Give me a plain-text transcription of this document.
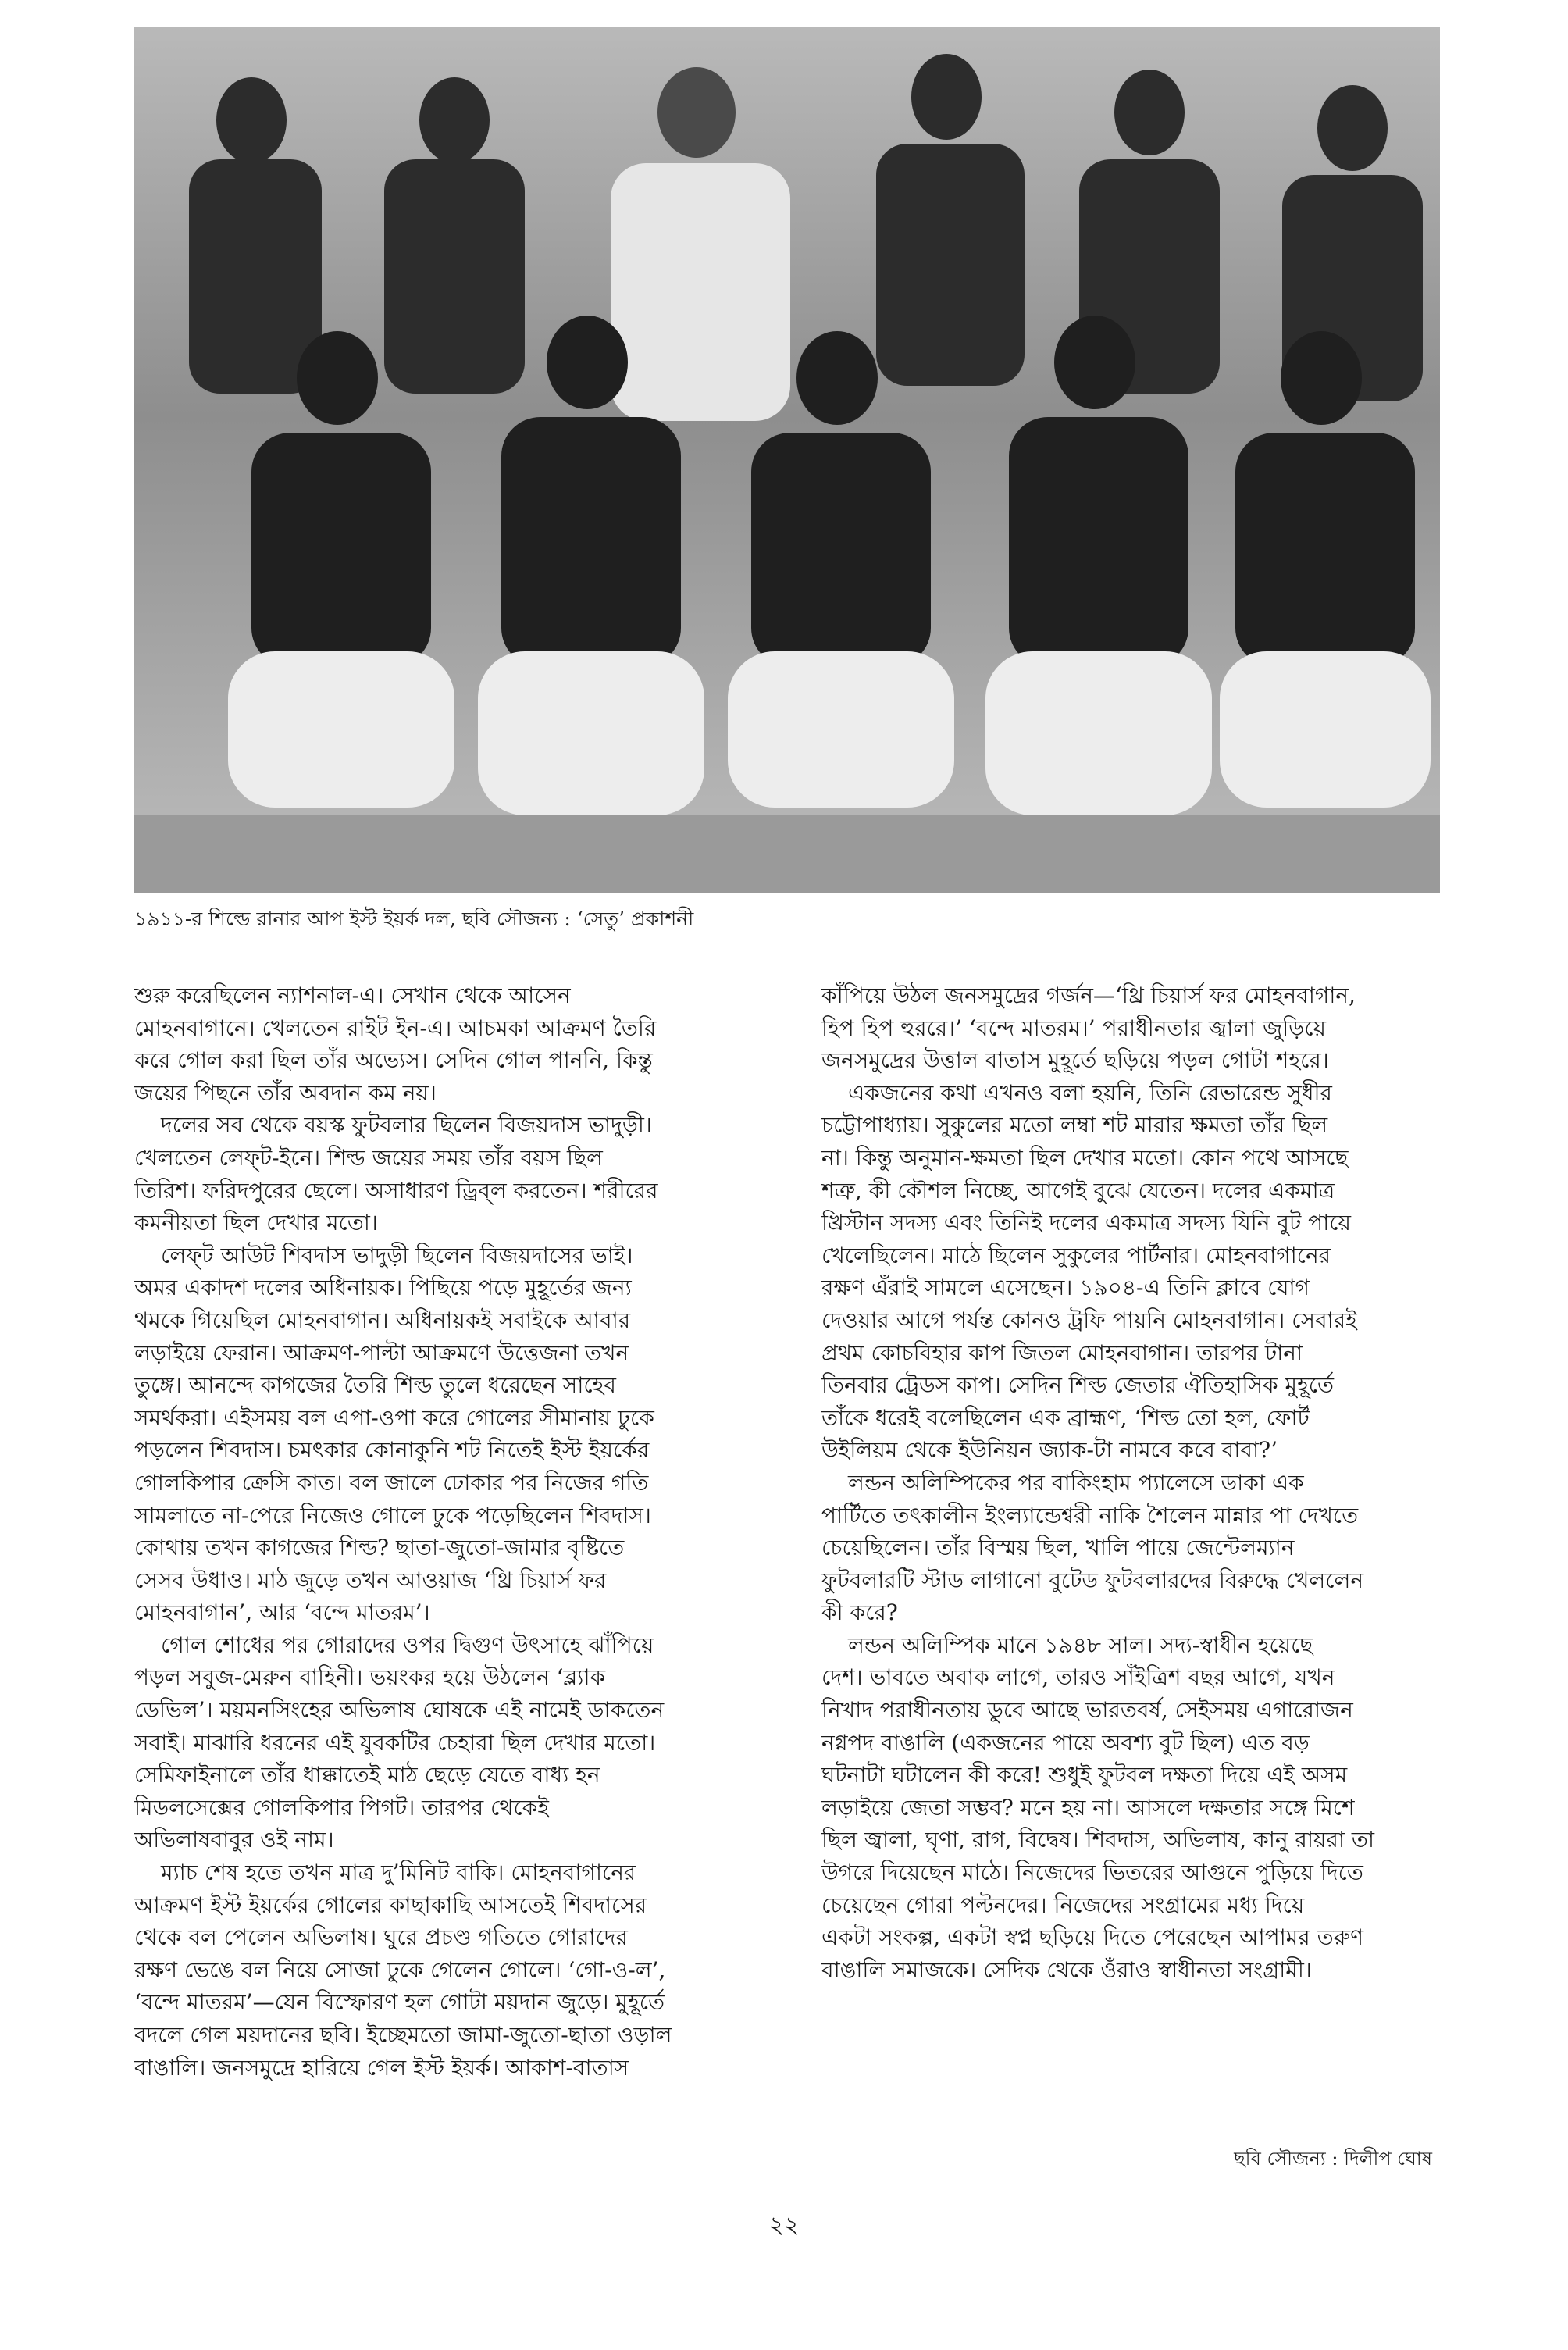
১৯১১-র শিল্ডে রানার আপ ইস্ট ইয়র্ক দল, ছবি সৌজন্য : ‘সেতু’ প্রকাশনী
শুরু করেছিলেন ন্যাশনাল-এ। সেখান থেকে আসেন
মোহনবাগানে। খেলতেন রাইট ইন-এ। আচমকা আক্রমণ তৈরি
করে গোল করা ছিল তাঁর অভ্যেস। সেদিন গোল পাননি, কিন্তু
জয়ের পিছনে তাঁর অবদান কম নয়।
দলের সব থেকে বয়স্ক ফুটবলার ছিলেন বিজয়দাস ভাদুড়ী।
খেলতেন লেফ্‌ট-ইনে। শিল্ড জয়ের সময় তাঁর বয়স ছিল
তিরিশ। ফরিদপুরের ছেলে। অসাধারণ ড্রিব্‌ল করতেন। শরীরের
কমনীয়তা ছিল দেখার মতো।
লেফ্‌ট আউট শিবদাস ভাদুড়ী ছিলেন বিজয়দাসের ভাই।
অমর একাদশ দলের অধিনায়ক। পিছিয়ে পড়ে মুহূর্তের জন্য
থমকে গিয়েছিল মোহনবাগান। অধিনায়কই সবাইকে আবার
লড়াইয়ে ফেরান। আক্রমণ-পাল্টা আক্রমণে উত্তেজনা তখন
তুঙ্গে। আনন্দে কাগজের তৈরি শিল্ড তুলে ধরেছেন সাহেব
সমর্থকরা। এইসময় বল এপা-ওপা করে গোলের সীমানায় ঢুকে
পড়লেন শিবদাস। চমৎকার কোনাকুনি শট নিতেই ইস্ট ইয়র্কের
গোলকিপার ক্রেসি কাত। বল জালে ঢোকার পর নিজের গতি
সামলাতে না-পেরে নিজেও গোলে ঢুকে পড়েছিলেন শিবদাস।
কোথায় তখন কাগজের শিল্ড? ছাতা-জুতো-জামার বৃষ্টিতে
সেসব উধাও। মাঠ জুড়ে তখন আওয়াজ ‘থ্রি চিয়ার্স ফর
মোহনবাগান’, আর ‘বন্দে মাতরম’।
গোল শোধের পর গোরাদের ওপর দ্বিগুণ উৎসাহে ঝাঁপিয়ে
পড়ল সবুজ-মেরুন বাহিনী। ভয়ংকর হয়ে উঠলেন ‘ব্ল্যাক
ডেভিল’। ময়মনসিংহের অভিলাষ ঘোষকে এই নামেই ডাকতেন
সবাই। মাঝারি ধরনের এই যুবকটির চেহারা ছিল দেখার মতো।
সেমিফাইনালে তাঁর ধাক্কাতেই মাঠ ছেড়ে যেতে বাধ্য হন
মিডলসেক্সের গোলকিপার পিগট। তারপর থেকেই
অভিলাষবাবুর ওই নাম।
ম্যাচ শেষ হতে তখন মাত্র দু’মিনিট বাকি। মোহনবাগানের
আক্রমণ ইস্ট ইয়র্কের গোলের কাছাকাছি আসতেই শিবদাসের
থেকে বল পেলেন অভিলাষ। ঘুরে প্রচণ্ড গতিতে গোরাদের
রক্ষণ ভেঙে বল নিয়ে সোজা ঢুকে গেলেন গোলে। ‘গো-ও-ল’,
‘বন্দে মাতরম’—যেন বিস্ফোরণ হল গোটা ময়দান জুড়ে। মুহূর্তে
বদলে গেল ময়দানের ছবি। ইচ্ছেমতো জামা-জুতো-ছাতা ওড়াল
বাঙালি। জনসমুদ্রে হারিয়ে গেল ইস্ট ইয়র্ক। আকাশ-বাতাস
কাঁপিয়ে উঠল জনসমুদ্রের গর্জন—‘থ্রি চিয়ার্স ফর মোহনবাগান,
হিপ হিপ হুররে।’ ‘বন্দে মাতরম।’ পরাধীনতার জ্বালা জুড়িয়ে
জনসমুদ্রের উত্তাল বাতাস মুহূর্তে ছড়িয়ে পড়ল গোটা শহরে।
একজনের কথা এখনও বলা হয়নি, তিনি রেভারেন্ড সুধীর
চট্টোপাধ্যায়। সুকুলের মতো লম্বা শট মারার ক্ষমতা তাঁর ছিল
না। কিন্তু অনুমান-ক্ষমতা ছিল দেখার মতো। কোন পথে আসছে
শত্রু, কী কৌশল নিচ্ছে, আগেই বুঝে যেতেন। দলের একমাত্র
খ্রিস্টান সদস্য এবং তিনিই দলের একমাত্র সদস্য যিনি বুট পায়ে
খেলেছিলেন। মাঠে ছিলেন সুকুলের পার্টনার। মোহনবাগানের
রক্ষণ এঁরাই সামলে এসেছেন। ১৯০৪-এ তিনি ক্লাবে যোগ
দেওয়ার আগে পর্যন্ত কোনও ট্রফি পায়নি মোহনবাগান। সেবারই
প্রথম কোচবিহার কাপ জিতল মোহনবাগান। তারপর টানা
তিনবার ট্রেডস কাপ। সেদিন শিল্ড জেতার ঐতিহাসিক মুহূর্তে
তাঁকে ধরেই বলেছিলেন এক ব্রাহ্মণ, ‘শিল্ড তো হল, ফোর্ট
উইলিয়ম থেকে ইউনিয়ন জ্যাক-টা নামবে কবে বাবা?’
লন্ডন অলিম্পিকের পর বাকিংহাম প্যালেসে ডাকা এক
পার্টিতে তৎকালীন ইংল্যান্ডেশ্বরী নাকি শৈলেন মান্নার পা দেখতে
চেয়েছিলেন। তাঁর বিস্ময় ছিল, খালি পায়ে জেন্টেলম্যান
ফুটবলারটি স্টাড লাগানো বুটেড ফুটবলারদের বিরুদ্ধে খেললেন
কী করে?
লন্ডন অলিম্পিক মানে ১৯৪৮ সাল। সদ্য-স্বাধীন হয়েছে
দেশ। ভাবতে অবাক লাগে, তারও সাঁইত্রিশ বছর আগে, যখন
নিখাদ পরাধীনতায় ডুবে আছে ভারতবর্ষ, সেইসময় এগারোজন
নগ্নপদ বাঙালি (একজনের পায়ে অবশ্য বুট ছিল) এত বড়
ঘটনাটা ঘটালেন কী করে! শুধুই ফুটবল দক্ষতা দিয়ে এই অসম
লড়াইয়ে জেতা সম্ভব? মনে হয় না। আসলে দক্ষতার সঙ্গে মিশে
ছিল জ্বালা, ঘৃণা, রাগ, বিদ্বেষ। শিবদাস, অভিলাষ, কানু রায়রা তা
উগরে দিয়েছেন মাঠে। নিজেদের ভিতরের আগুনে পুড়িয়ে দিতে
চেয়েছেন গোরা পল্টনদের। নিজেদের সংগ্রামের মধ্য দিয়ে
একটা সংকল্প, একটা স্বপ্ন ছড়িয়ে দিতে পেরেছেন আপামর তরুণ
বাঙালি সমাজকে। সেদিক থেকে ওঁরাও স্বাধীনতা সংগ্রামী।
ছবি সৌজন্য : দিলীপ ঘোষ
২২
